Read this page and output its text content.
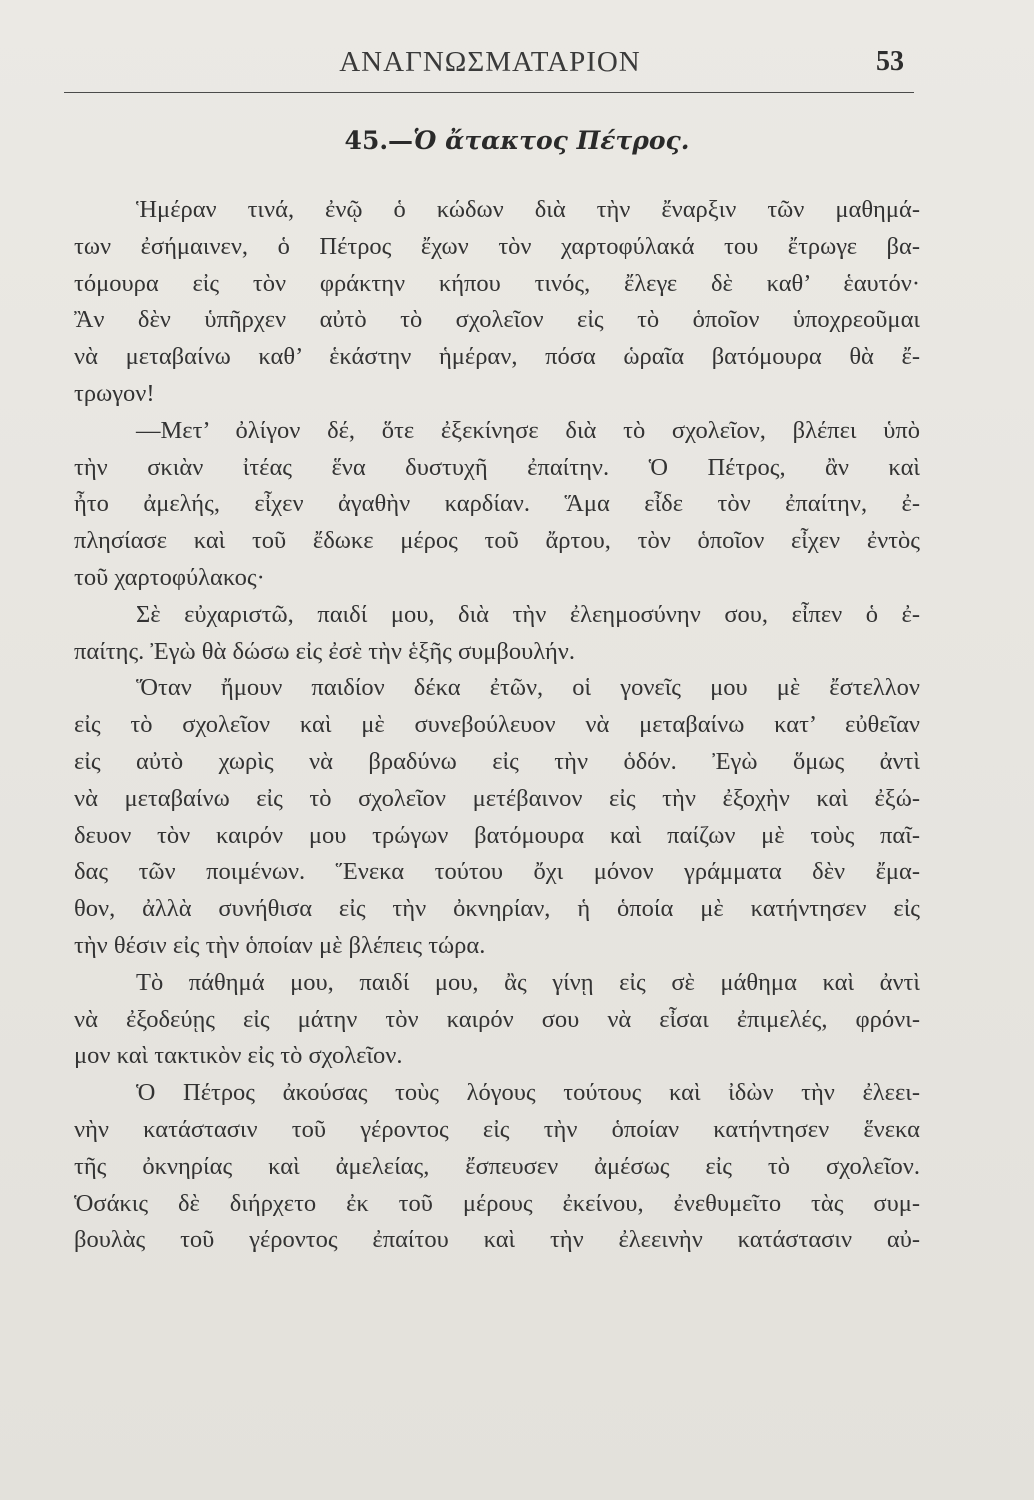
ΑΝΑΓΝΩΣΜΑΤΑΡΙΟΝ	53
45.—Ὁ ἄτακτος Πέτρος.
Ἡμέραν τινά, ἐνῷ ὁ κώδων διὰ τὴν ἔναρξιν τῶν μαθημά-
των ἐσήμαινεν, ὁ Πέτρος ἔχων τὸν χαρτοφύλακά του ἔτρωγε βα-
τόμουρα εἰς τὸν φράκτην κήπου τινός, ἔλεγε δὲ καθ’ ἑαυτόν·
Ἂν δὲν ὑπῆρχεν αὐτὸ τὸ σχολεῖον εἰς τὸ ὁποῖον ὑποχρεοῦμαι
νὰ μεταβαίνω καθ’ ἑκάστην ἡμέραν, πόσα ὡραῖα βατόμουρα θὰ ἔ-
τρωγον!
—Μετ’ ὀλίγον δέ, ὅτε ἐξεκίνησε διὰ τὸ σχολεῖον, βλέπει ὑπὸ
τὴν σκιὰν ἰτέας ἕνα δυστυχῆ ἐπαίτην. Ὁ Πέτρος, ἂν καὶ
ἦτο ἀμελής, εἶχεν ἀγαθὴν καρδίαν. Ἅμα εἶδε τὸν ἐπαίτην, ἐ-
πλησίασε καὶ τοῦ ἔδωκε μέρος τοῦ ἄρτου, τὸν ὁποῖον εἶχεν ἐντὸς
τοῦ χαρτοφύλακος·
Σὲ εὐχαριστῶ, παιδί μου, διὰ τὴν ἐλεημοσύνην σου, εἶπεν ὁ ἐ-
παίτης. Ἐγὼ θὰ δώσω εἰς ἐσὲ τὴν ἑξῆς συμβουλήν.
Ὅταν ἤμουν παιδίον δέκα ἐτῶν, οἱ γονεῖς μου μὲ ἔστελλον
εἰς τὸ σχολεῖον καὶ μὲ συνεβούλευον νὰ μεταβαίνω κατ’ εὐθεῖαν
εἰς αὐτὸ χωρὶς νὰ βραδύνω εἰς τὴν ὁδόν. Ἐγὼ ὅμως ἀντὶ
νὰ μεταβαίνω εἰς τὸ σχολεῖον μετέβαινον εἰς τὴν ἐξοχὴν καὶ ἐξώ-
δευον τὸν καιρόν μου τρώγων βατόμουρα καὶ παίζων μὲ τοὺς παῖ-
δας τῶν ποιμένων. Ἕνεκα τούτου ὄχι μόνον γράμματα δὲν ἔμα-
θον, ἀλλὰ συνήθισα εἰς τὴν ὀκνηρίαν, ἡ ὁποία μὲ κατήντησεν εἰς
τὴν θέσιν εἰς τὴν ὁποίαν μὲ βλέπεις τώρα.
Τὸ πάθημά μου, παιδί μου, ἂς γίνῃ εἰς σὲ μάθημα καὶ ἀντὶ
νὰ ἐξοδεύῃς εἰς μάτην τὸν καιρόν σου νὰ εἶσαι ἐπιμελές, φρόνι-
μον καὶ τακτικὸν εἰς τὸ σχολεῖον.
Ὁ Πέτρος ἀκούσας τοὺς λόγους τούτους καὶ ἰδὼν τὴν ἐλεει-
νὴν κατάστασιν τοῦ γέροντος εἰς τὴν ὁποίαν κατήντησεν ἕνεκα
τῆς ὀκνηρίας καὶ ἀμελείας, ἔσπευσεν ἀμέσως εἰς τὸ σχολεῖον.
Ὁσάκις δὲ διήρχετο ἐκ τοῦ μέρους ἐκείνου, ἐνεθυμεῖτο τὰς συμ-
βουλὰς τοῦ γέροντος ἐπαίτου καὶ τὴν ἐλεεινὴν κατάστασιν αὐ-
